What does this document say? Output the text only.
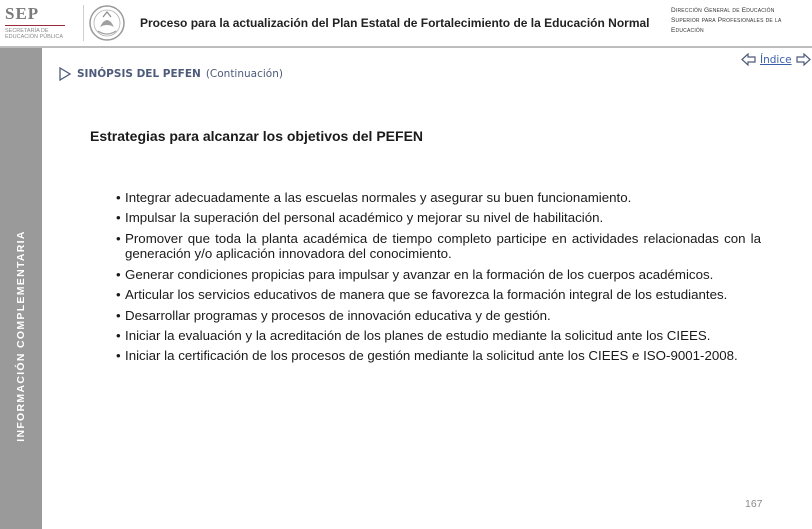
SEP
SECRETARÍA DE EDUCACIÓN PÚBLICA
Proceso para la actualización del Plan Estatal de Fortalecimiento de la Educación Normal
Dirección General de Educación Superior para Profesionales de la Educación
INFORMACIÓN COMPLEMENTARIA
SINÓPSIS DEL PEFEN (Continuación)
Índice
Estrategias para alcanzar los objetivos del PEFEN
• Integrar adecuadamente a las escuelas normales y asegurar su buen funcionamiento.
• Impulsar la superación del personal académico y mejorar su nivel de habilitación.
• Promover que toda la planta académica de tiempo completo participe en actividades relacionadas con la generación y/o aplicación innovadora del conocimiento.
• Generar condiciones propicias para impulsar y avanzar en la formación de los cuerpos académicos.
• Articular los servicios educativos de manera que se favorezca la formación integral de los estudiantes.
• Desarrollar programas y procesos de innovación educativa y de gestión.
• Iniciar la evaluación y la acreditación de los planes de estudio mediante la solicitud ante los CIEES.
• Iniciar la certificación de los procesos de gestión mediante la solicitud ante los CIEES e ISO-9001-2008.
167
